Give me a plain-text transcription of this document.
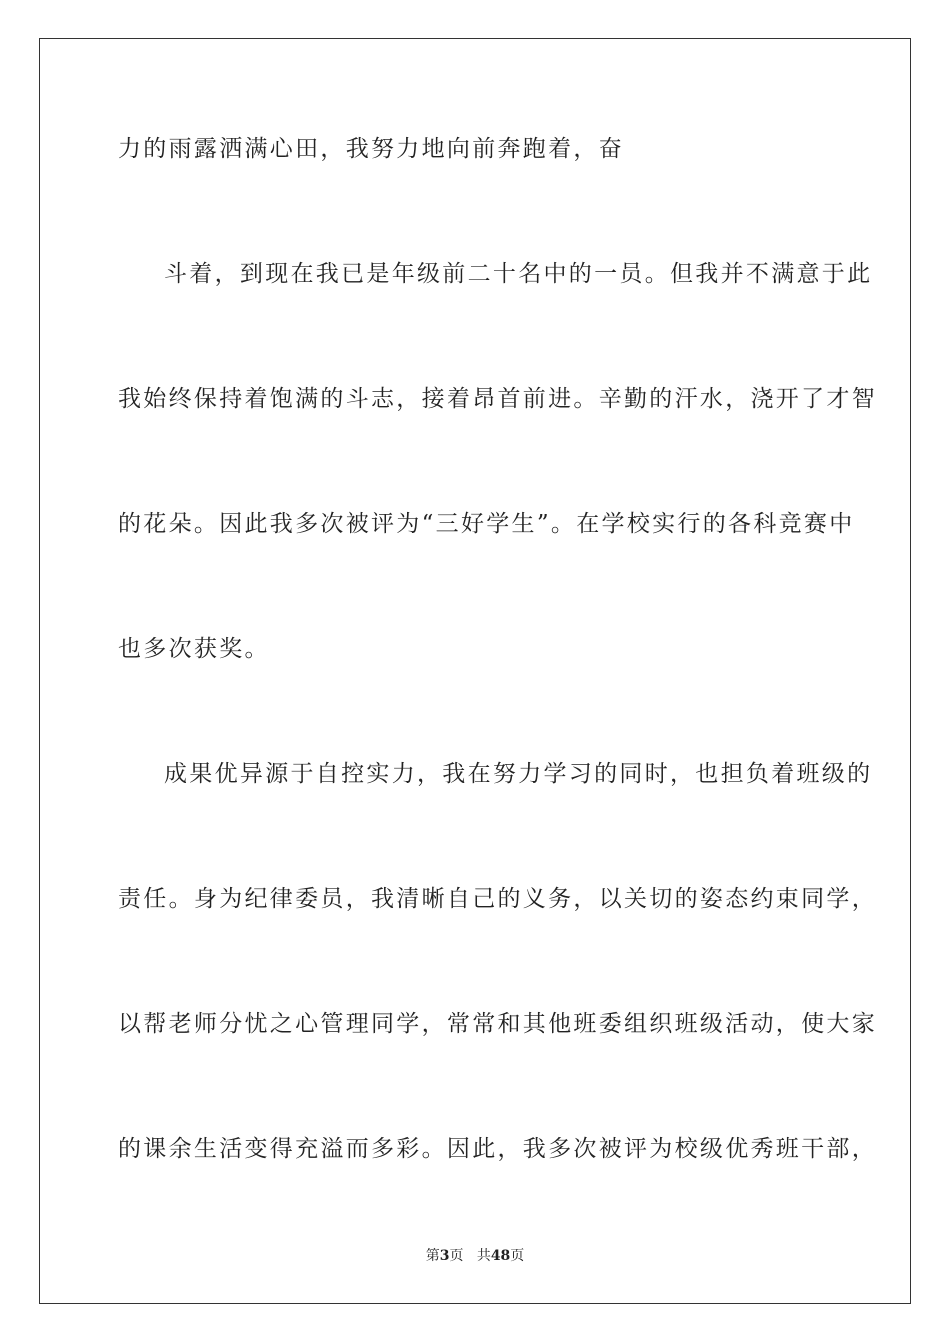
力的雨露洒满心田，我努力地向前奔跑着，奋
斗着，到现在我已是年级前二十名中的一员。但我并不满意于此
我始终保持着饱满的斗志，接着昂首前进。辛勤的汗水，浇开了才智
的花朵。因此我多次被评为“三好学生”。在学校实行的各科竞赛中
也多次获奖。
成果优异源于自控实力，我在努力学习的同时，也担负着班级的
责任。身为纪律委员，我清晰自己的义务，以关切的姿态约束同学，
以帮老师分忧之心管理同学，常常和其他班委组织班级活动，使大家
的课余生活变得充溢而多彩。因此，我多次被评为校级优秀班干部，
第3页 共48页
